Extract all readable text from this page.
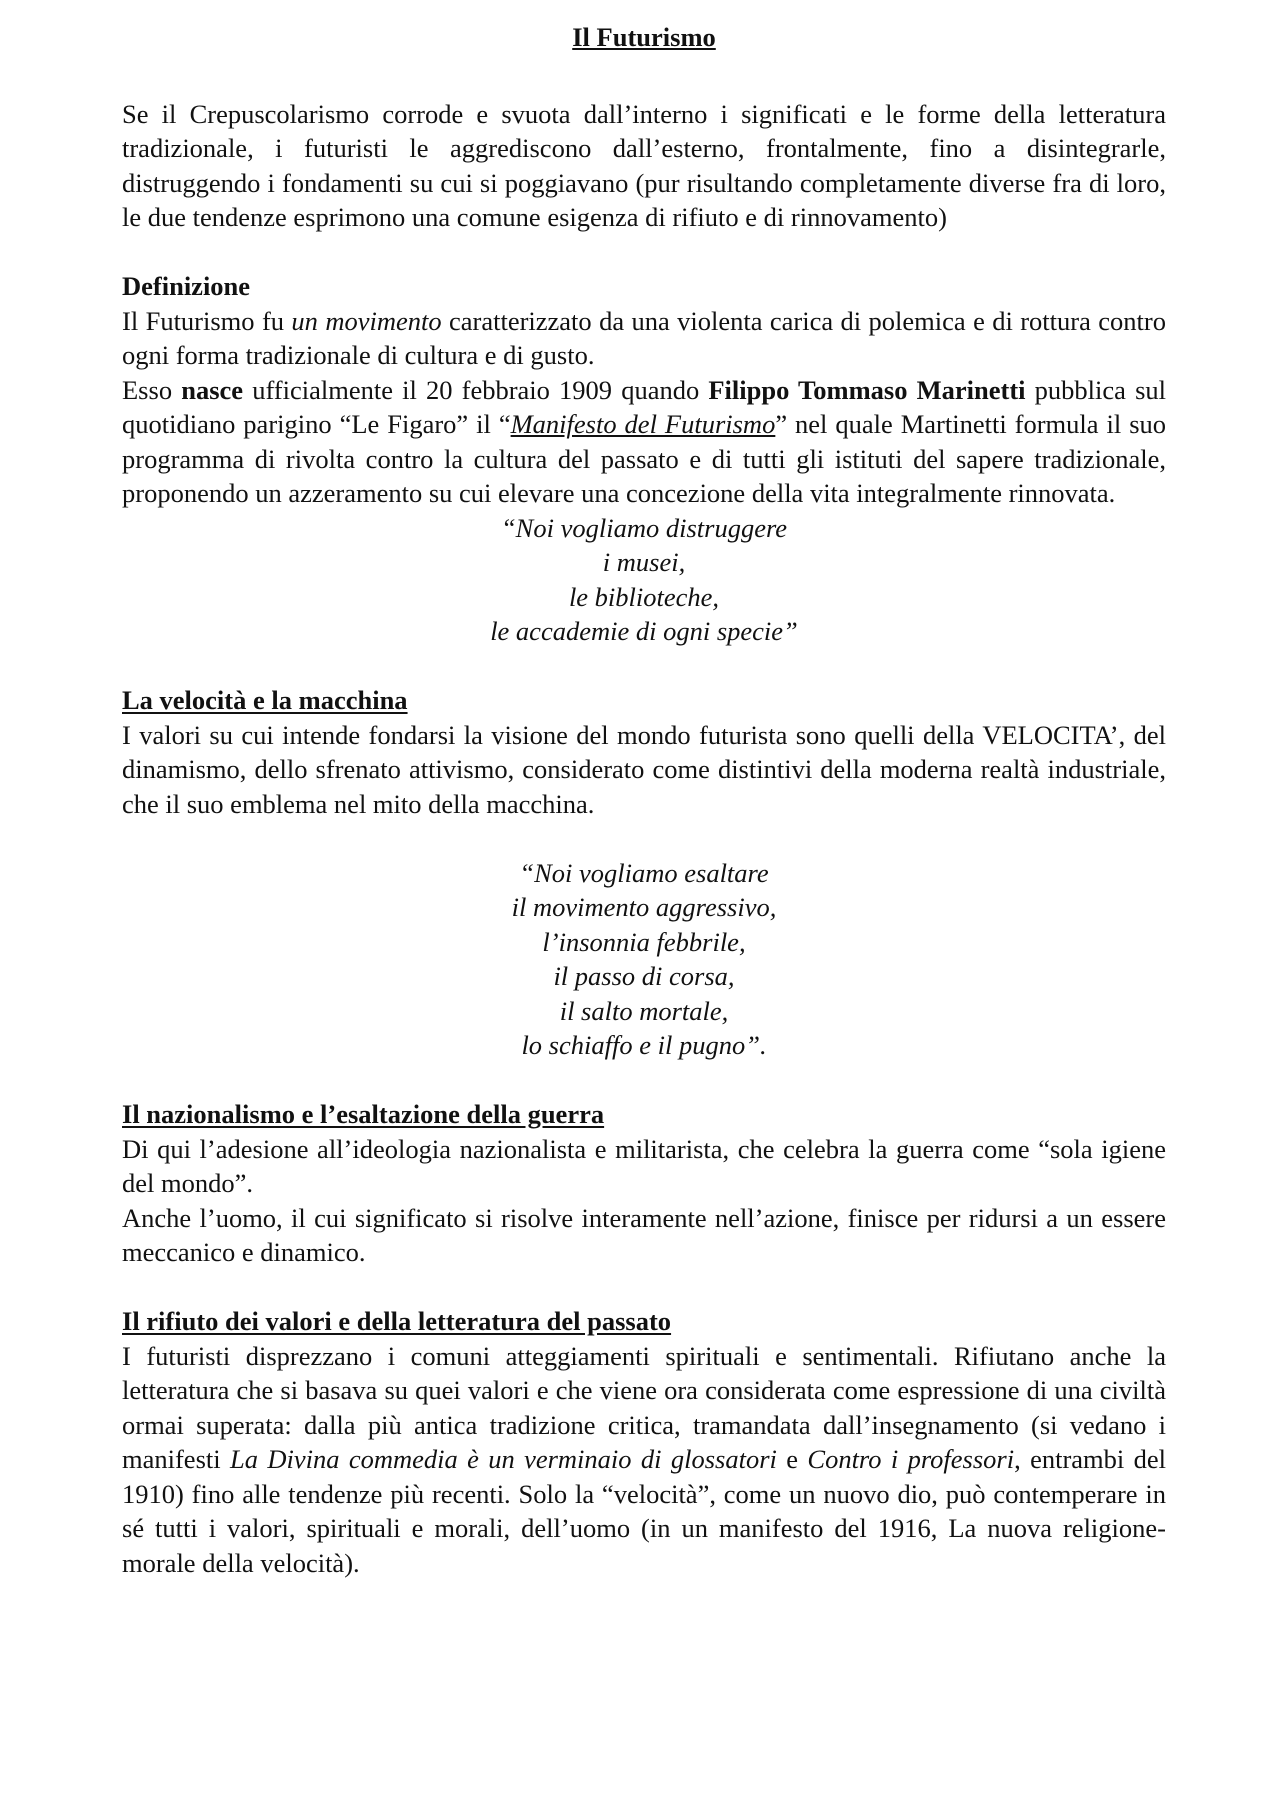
Il Futurismo

Se il Crepuscolarismo corrode e svuota dall’interno i significati e le forme della letteratura tradizionale, i futuristi le aggrediscono dall’esterno, frontalmente, fino a disintegrarle, distruggendo i fondamenti su cui si poggiavano (pur risultando completamente diverse fra di loro, le due tendenze esprimono una comune esigenza di rifiuto e di rinnovamento)

Definizione

Il Futurismo fu un movimento caratterizzato da una violenta carica di polemica e di rottura contro ogni forma tradizionale di cultura e di gusto.

Esso nasce ufficialmente il 20 febbraio 1909 quando Filippo Tommaso Marinetti pubblica sul quotidiano parigino “Le Figaro” il “Manifesto del Futurismo” nel quale Martinetti formula il suo programma di rivolta contro la cultura del passato e di tutti gli istituti del sapere tradizionale, proponendo un azzeramento su cui elevare una concezione della vita integralmente rinnovata.

“Noi vogliamo distruggere
i musei,
le biblioteche,
le accademie di ogni specie”
La velocità e la macchina

I valori su cui intende fondarsi la visione del mondo futurista sono quelli della VELOCITA’, del dinamismo, dello sfrenato attivismo, considerato come distintivi della moderna realtà industriale, che il suo emblema nel mito della macchina.

“Noi vogliamo esaltare
il movimento aggressivo,
l’insonnia febbrile,
il passo di corsa,
il salto mortale,
lo schiaffo e il pugno”.
Il nazionalismo e l’esaltazione della guerra

Di qui l’adesione all’ideologia nazionalista e militarista, che celebra la guerra come “sola igiene del mondo”.

Anche l’uomo, il cui significato si risolve interamente nell’azione, finisce per ridursi a un essere meccanico e dinamico.

Il rifiuto dei valori e della letteratura del passato

I futuristi disprezzano i comuni atteggiamenti spirituali e sentimentali. Rifiutano anche la letteratura che si basava su quei valori e che viene ora considerata come espressione di una civiltà ormai superata: dalla più antica tradizione critica, tramandata dall’insegnamento (si vedano i manifesti La Divina commedia è un verminaio di glossatori e Contro i professori, entrambi del 1910) fino alle tendenze più recenti. Solo la “velocità”, come un nuovo dio, può contemperare in sé tutti i valori, spirituali e morali, dell’uomo (in un manifesto del 1916, La nuova religione-morale della velocità).
